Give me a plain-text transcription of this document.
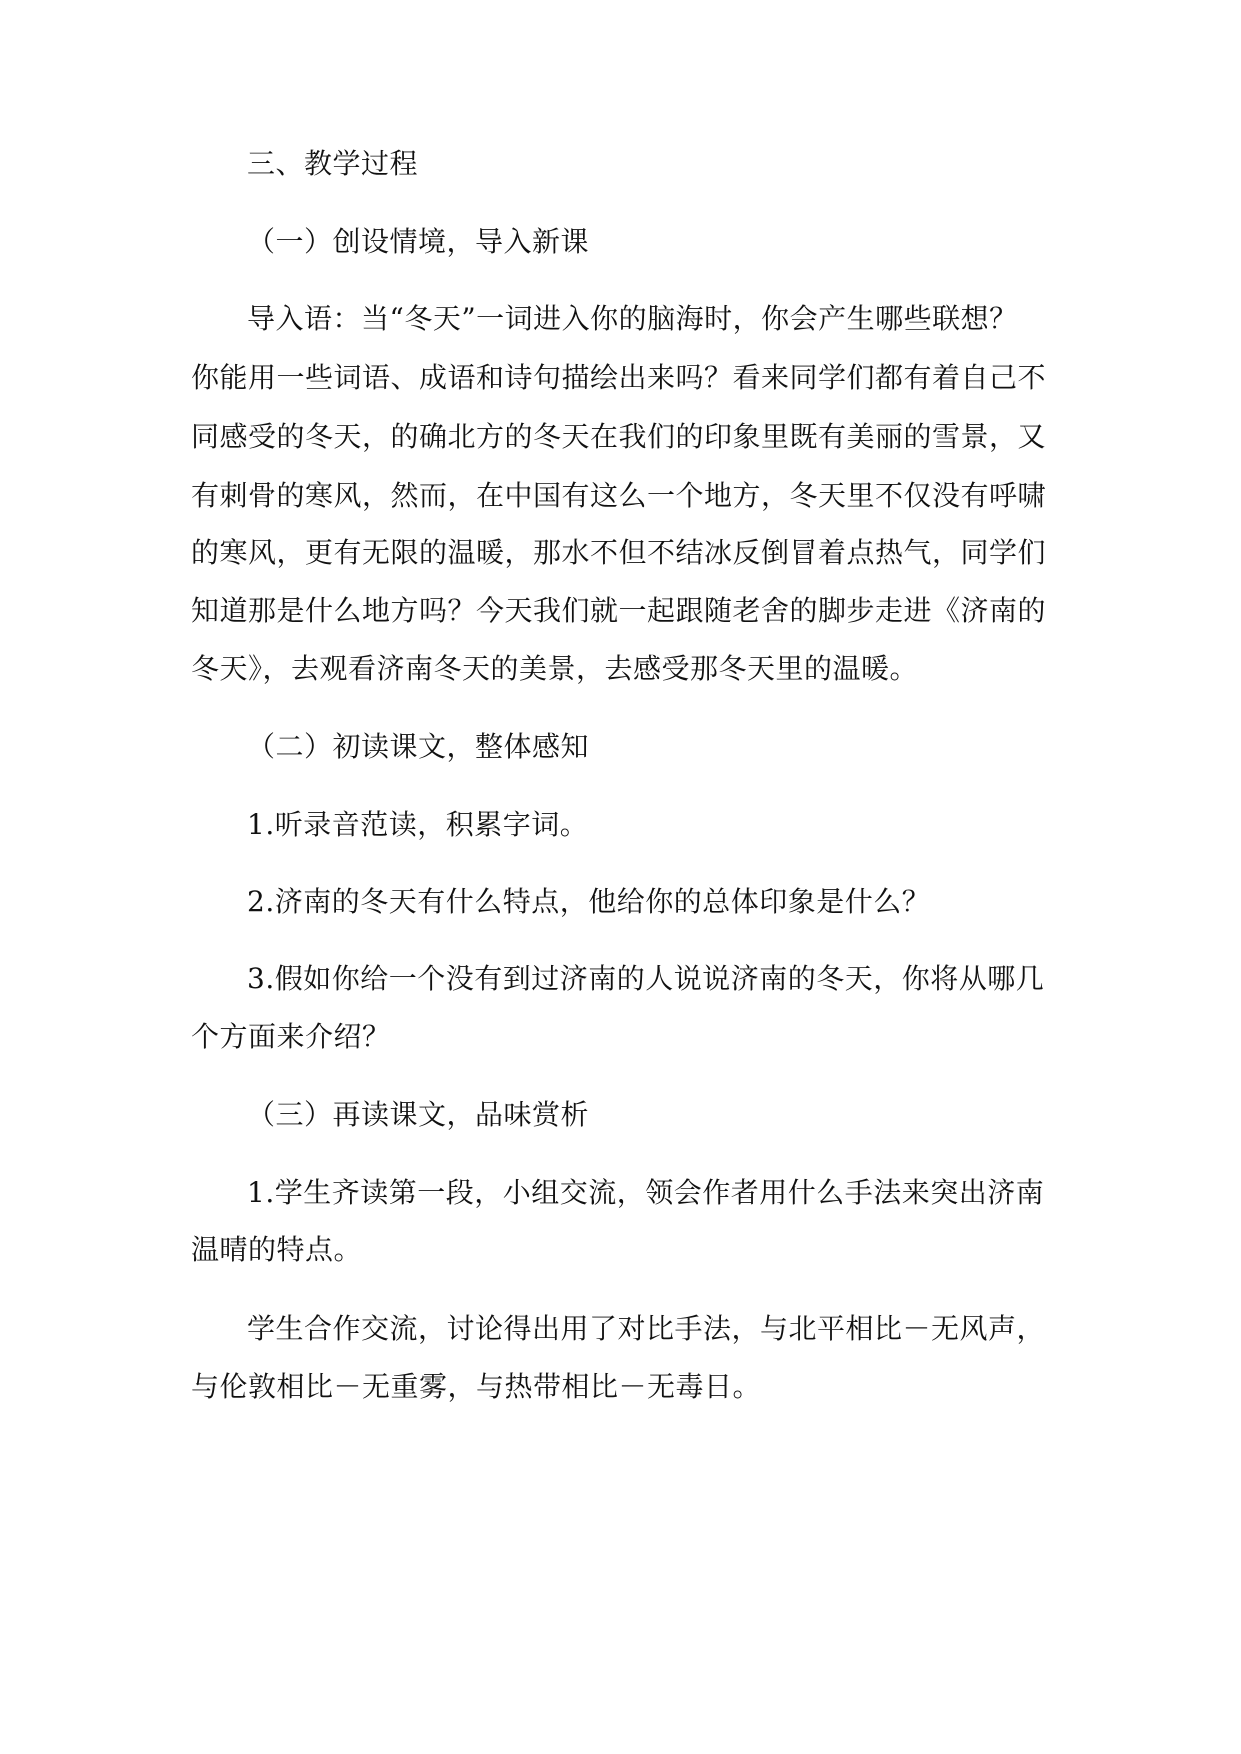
三、教学过程
（一）创设情境，导入新课
导入语：当“冬天”一词进入你的脑海时，你会产生哪些联想？
你能用一些词语、成语和诗句描绘出来吗？看来同学们都有着自己不
同感受的冬天，的确北方的冬天在我们的印象里既有美丽的雪景，又
有刺骨的寒风，然而，在中国有这么一个地方，冬天里不仅没有呼啸
的寒风，更有无限的温暖，那水不但不结冰反倒冒着点热气，同学们
知道那是什么地方吗？今天我们就一起跟随老舍的脚步走进《济南的
冬天》，去观看济南冬天的美景，去感受那冬天里的温暖。
（二）初读课文，整体感知
1.听录音范读，积累字词。
2.济南的冬天有什么特点，他给你的总体印象是什么？
3.假如你给一个没有到过济南的人说说济南的冬天，你将从哪几
个方面来介绍？
（三）再读课文，品味赏析
1.学生齐读第一段，小组交流，领会作者用什么手法来突出济南
温晴的特点。
学生合作交流，讨论得出用了对比手法，与北平相比－无风声，
与伦敦相比－无重雾，与热带相比－无毒日。
